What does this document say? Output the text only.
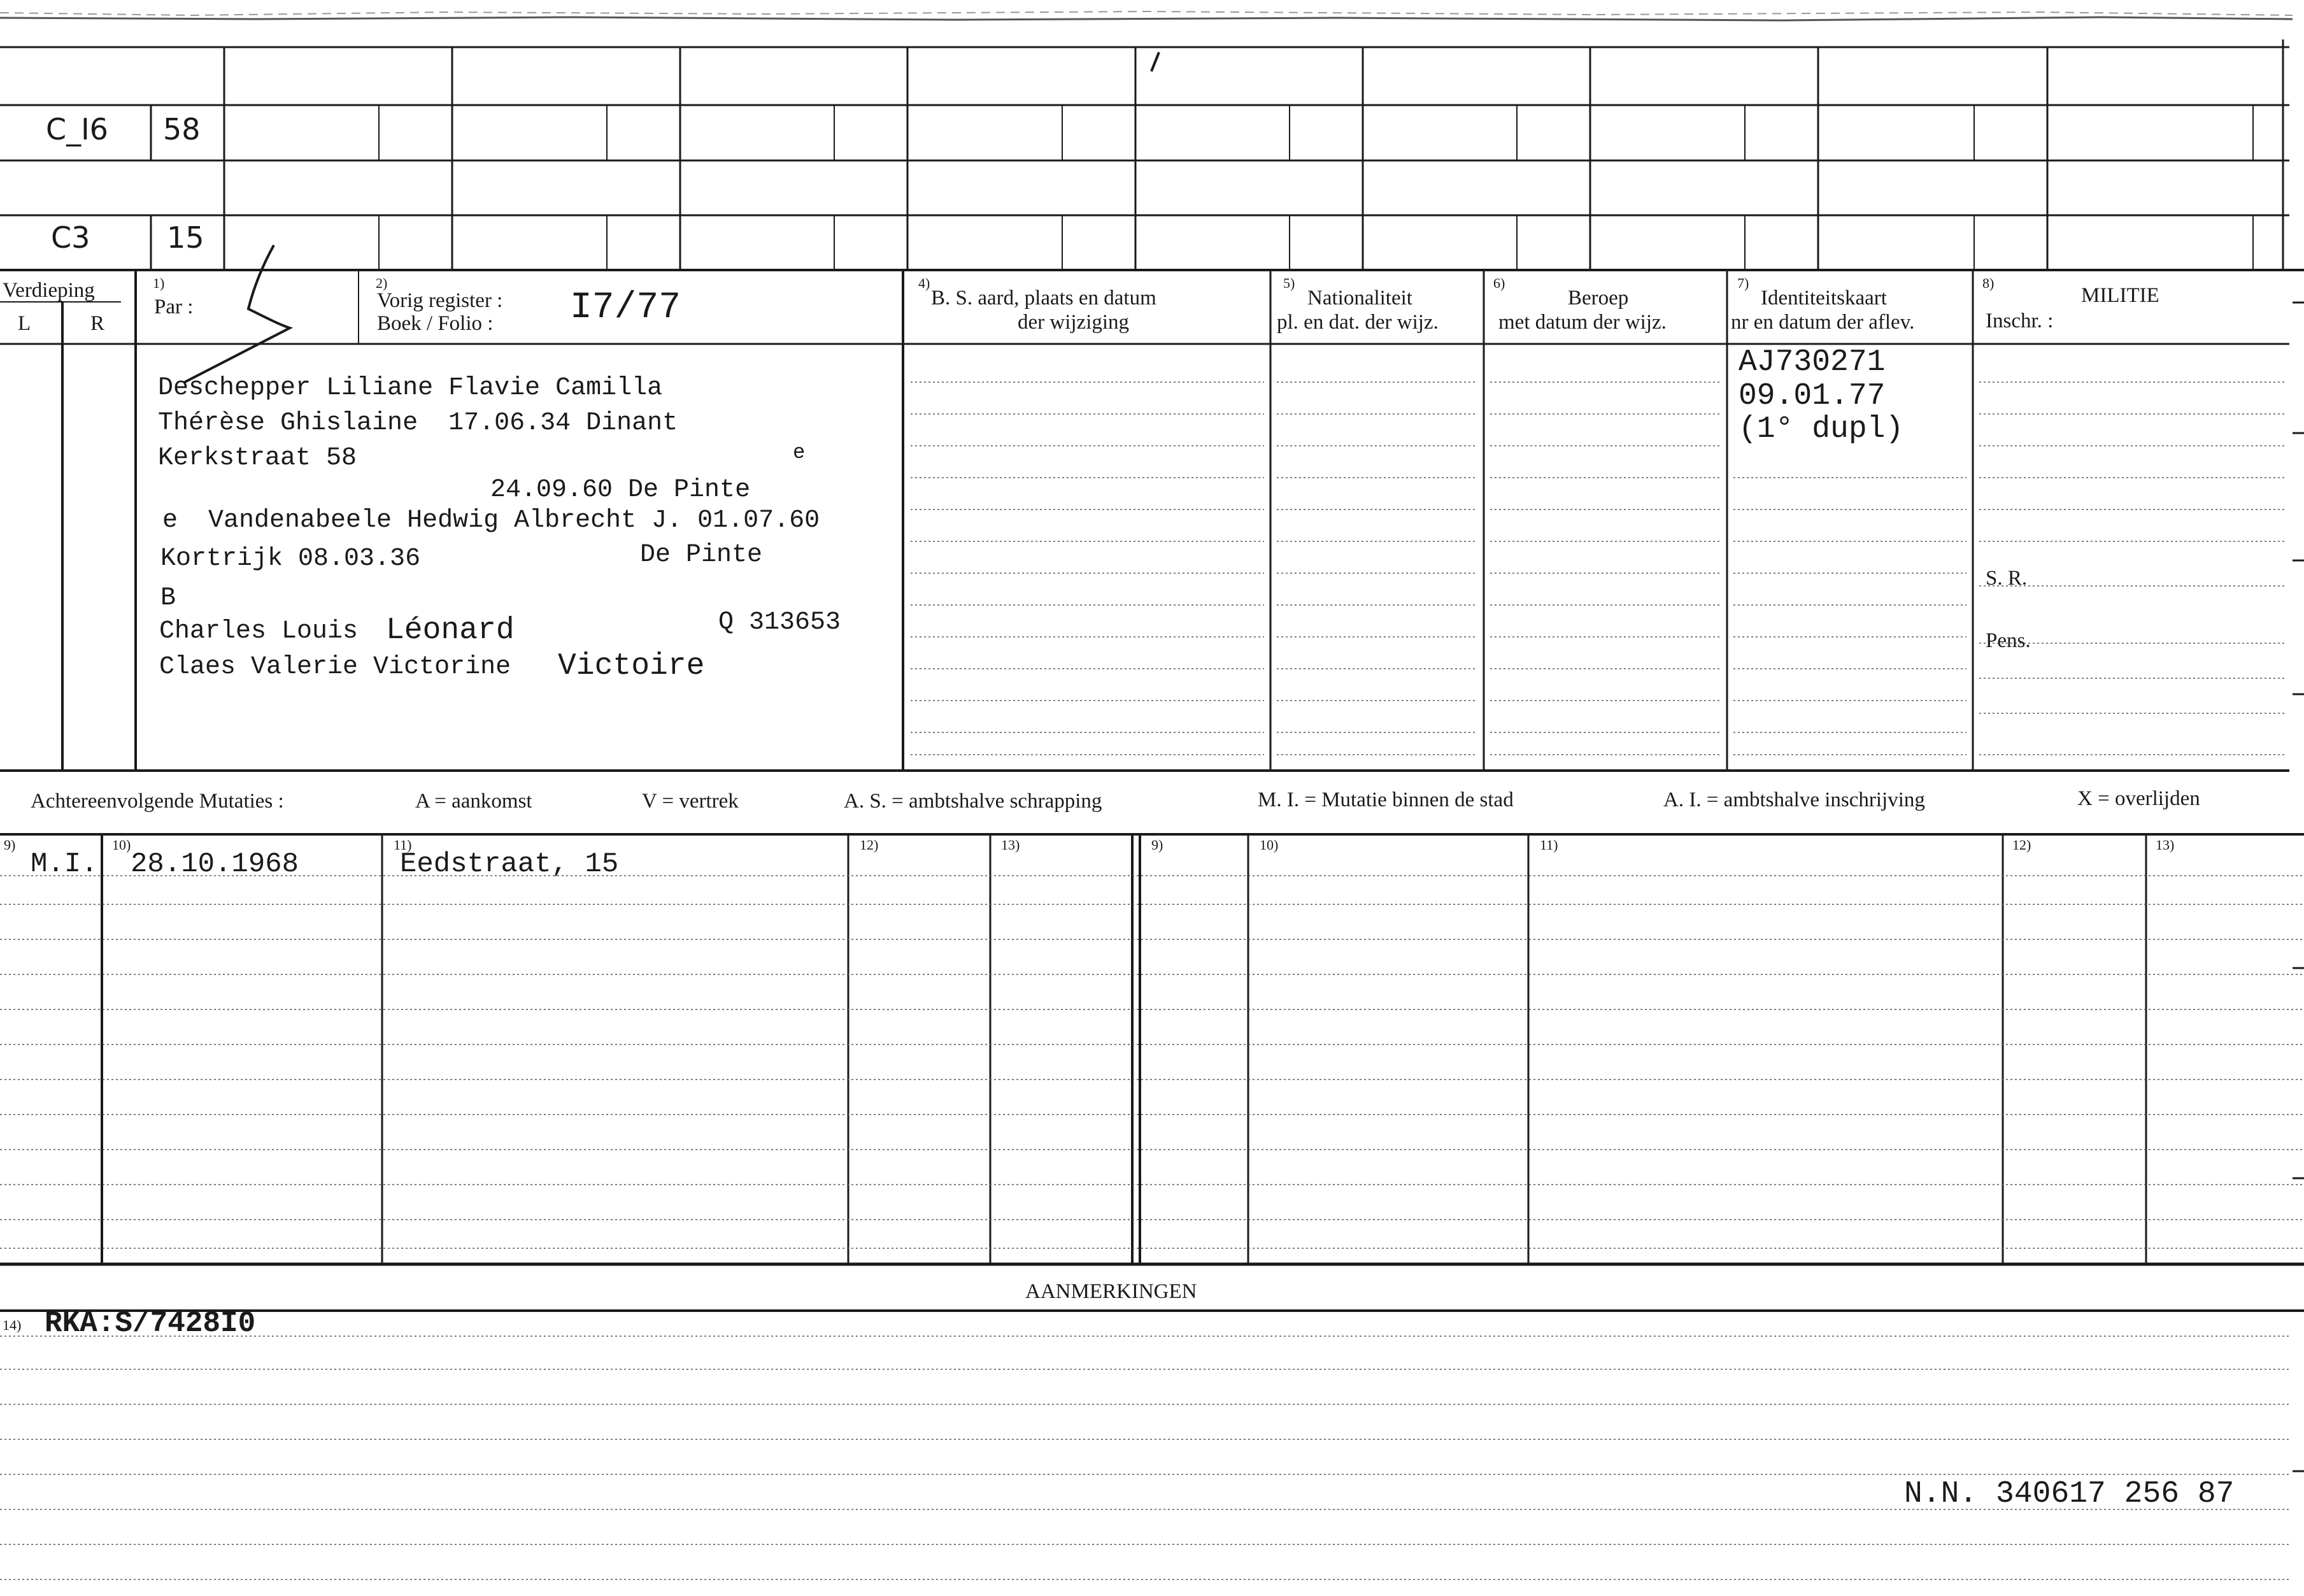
C_I6 58
C3	15
Verdieping
L	R
1)
Par :
2)
Vorig register :
Boek / Folio : I7/77
4)
B. S. aard, plaats en datum
der wijziging
5)
Nationaliteit
pl. en dat. der wijz.
6)
Beroep
met datum der wijz.
7)
Identiteitskaart
nr en datum der aflev.
8)
MILITIE
Inschr. :
Deschepper Liliane Flavie Camilla
Thérèse Ghislaine  17.06.34 Dinant
Kerkstraat 58	e
24.09.60 De Pinte
e  Vandenabeele Hedwig Albrecht J. 01.07.60
Kortrijk 08.03.36	De Pinte
B
Charles Louis Léonard	Q 313653
Claes Valerie Victorine Victoire
AJ730271
09.01.77
(1° dupl)
S. R.
Pens.
Achtereenvolgende Mutaties :	A = aankomst	V = vertrek	A. S. = ambtshalve schrapping	M. I. = Mutatie binnen de stad	A. I. = ambtshalve inschrijving	X = overlijden
9)	10)	11)	12)	13)	9)	10)	11)	12)	13)
M.I. 28.10.1968	Eedstraat, 15
AANMERKINGEN
14) RKA:S/7428I0
N.N. 340617 256 87
